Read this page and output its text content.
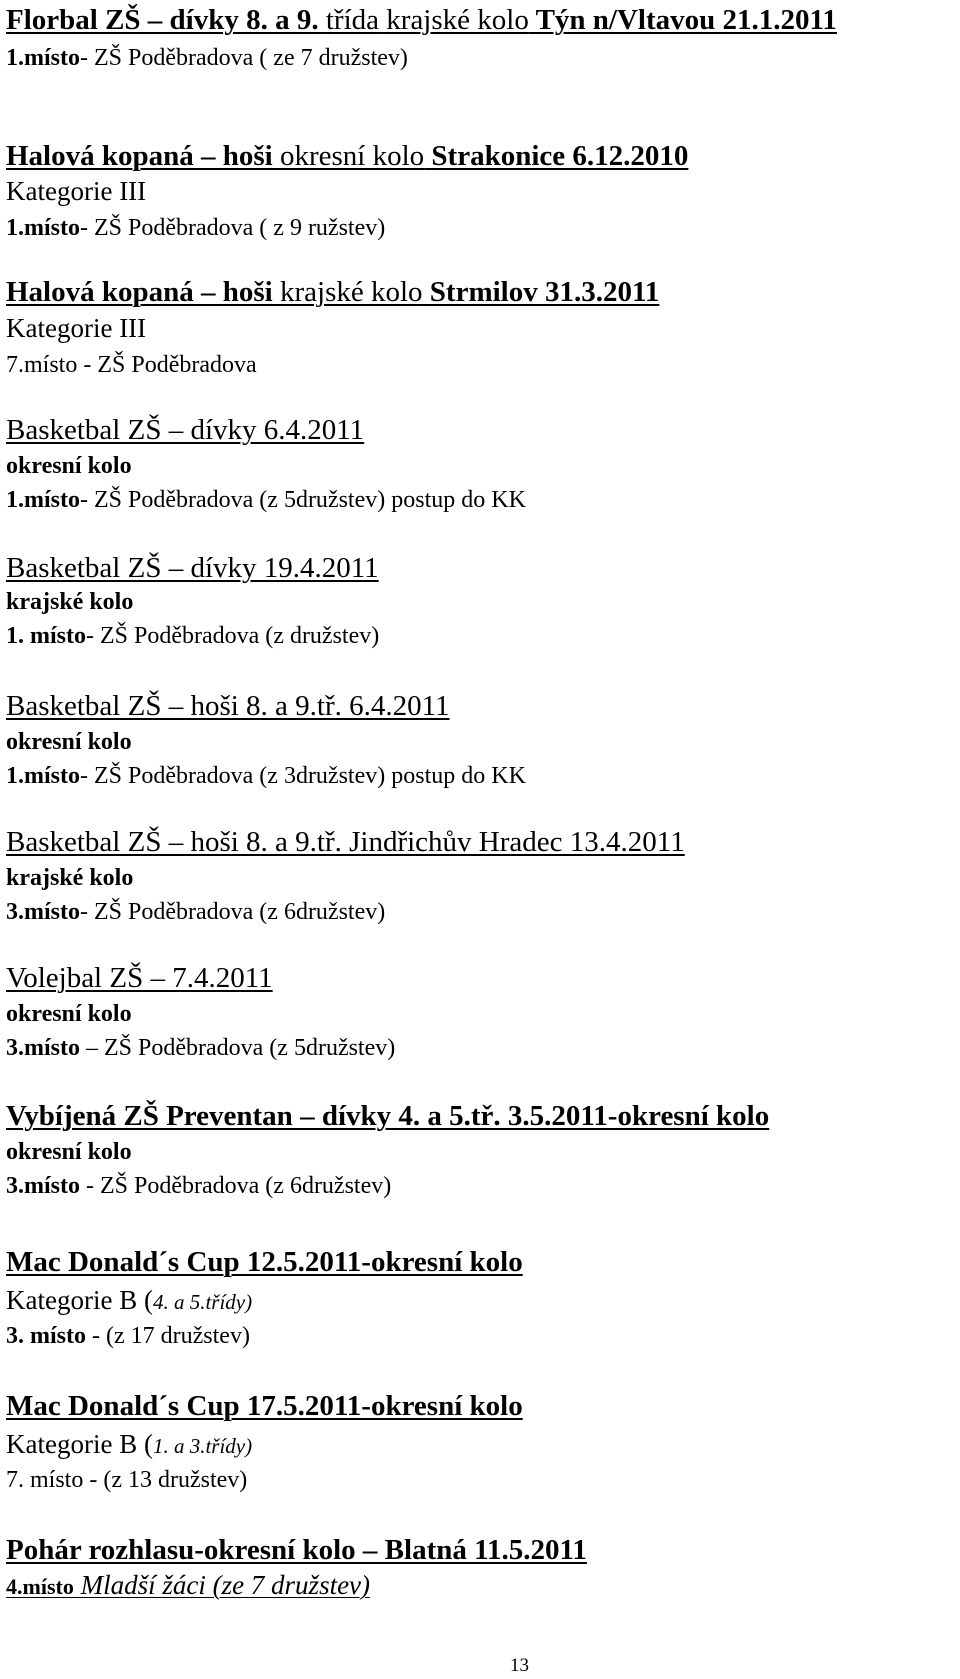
Florbal ZŠ – dívky 8. a 9. třída krajské kolo Týn n/Vltavou 21.1.2011
1.místo- ZŠ Poděbradova ( ze 7 družstev)
Halová kopaná – hoši okresní kolo Strakonice 6.12.2010
Kategorie III
1.místo- ZŠ Poděbradova ( z 9 ružstev)
Halová kopaná – hoši krajské kolo Strmilov 31.3.2011
Kategorie III
7.místo - ZŠ Poděbradova
Basketbal ZŠ – dívky 6.4.2011
okresní kolo
1.místo- ZŠ Poděbradova (z 5družstev) postup do KK
Basketbal ZŠ – dívky 19.4.2011
krajské kolo
1. místo- ZŠ Poděbradova (z družstev)
Basketbal ZŠ – hoši 8. a 9.tř. 6.4.2011
okresní kolo
1.místo- ZŠ Poděbradova (z 3družstev) postup do KK
Basketbal ZŠ – hoši 8. a 9.tř. Jindřichův Hradec 13.4.2011
krajské kolo
3.místo- ZŠ Poděbradova (z 6družstev)
Volejbal ZŠ – 7.4.2011
okresní kolo
3.místo – ZŠ Poděbradova (z 5družstev)
Vybíjená ZŠ Preventan – dívky 4. a 5.tř. 3.5.2011-okresní kolo
okresní kolo
3.místo - ZŠ Poděbradova (z 6družstev)
Mac Donald´s Cup 12.5.2011-okresní kolo
Kategorie B (4. a 5.třídy)
3. místo - (z 17 družstev)
Mac Donald´s Cup 17.5.2011-okresní kolo
Kategorie B (1. a 3.třídy)
7. místo - (z 13 družstev)
Pohár rozhlasu-okresní kolo – Blatná 11.5.2011
4.místo Mladší žáci (ze 7 družstev)
13
